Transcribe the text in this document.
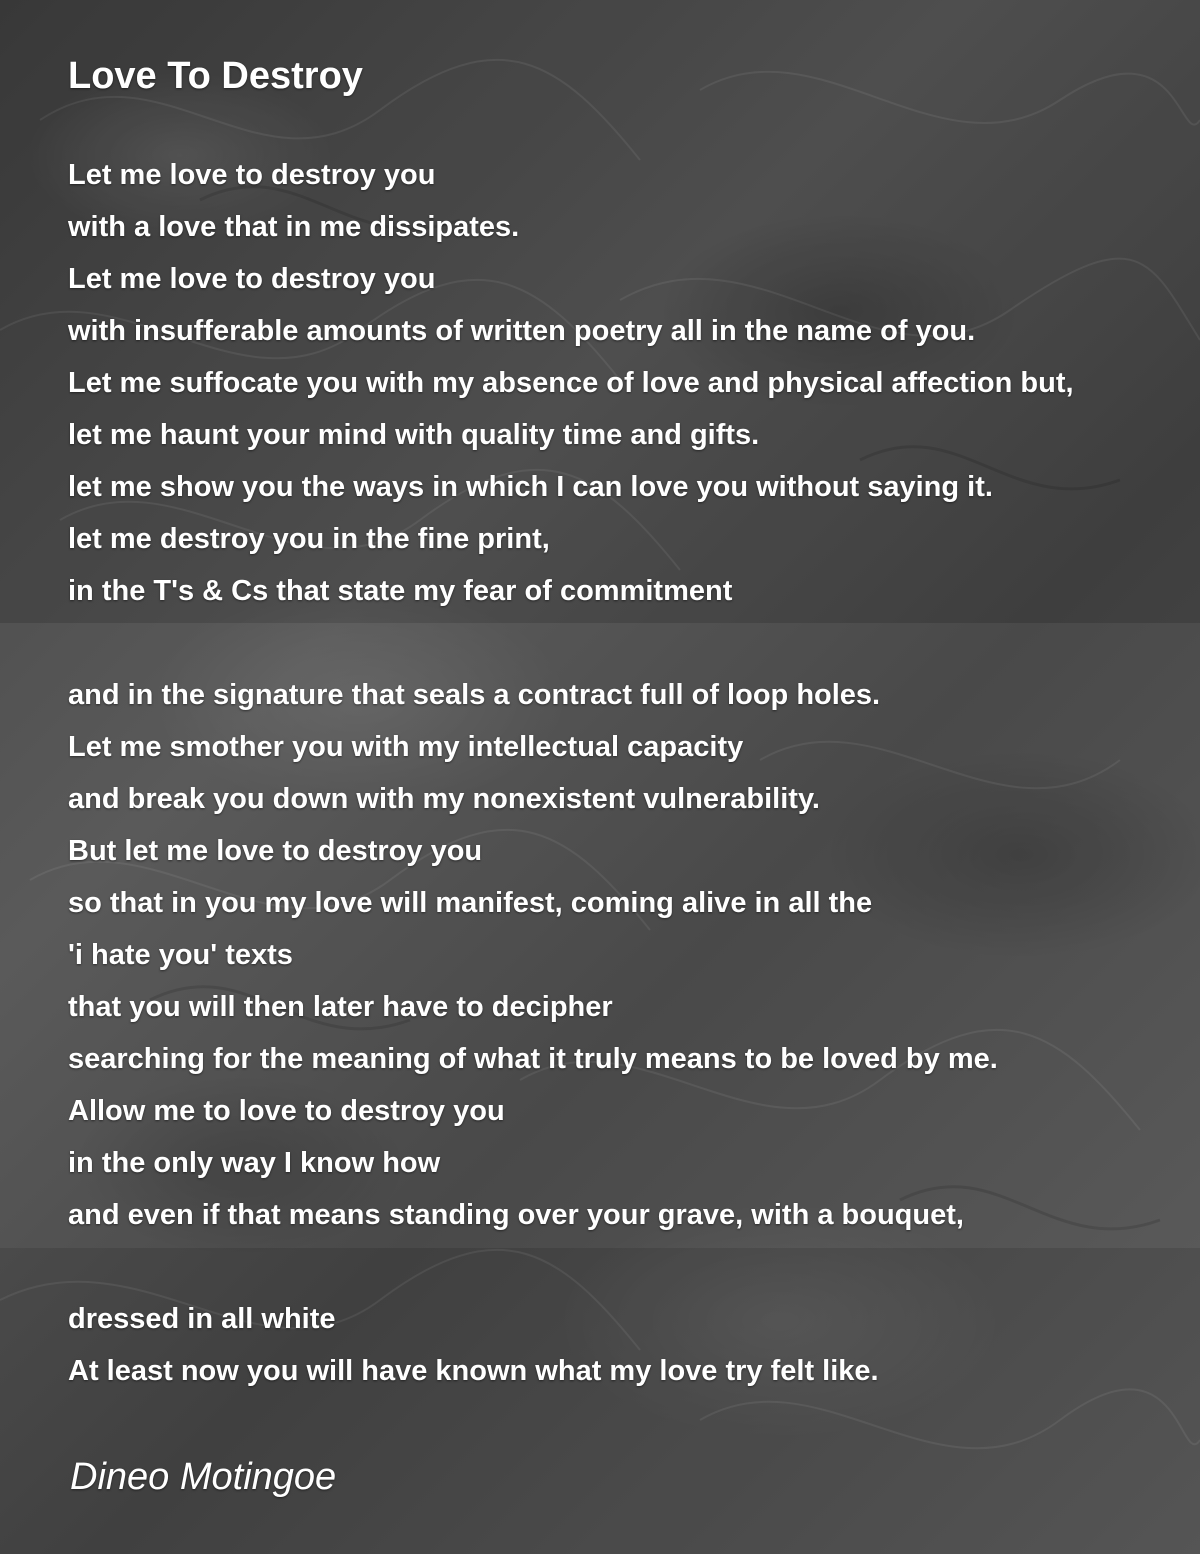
Love To Destroy
Let me love to destroy you
with a love that in me dissipates.
Let me love to destroy you
with insufferable amounts of written poetry all in the name of you.
Let me suffocate you with my absence of love and physical affection but,
let me haunt your mind with quality time and gifts.
let me show you the ways in which I can love you without saying it.
let me destroy you in the fine print,
in the T's & Cs that state my fear of commitment
and in the signature that seals a contract full of loop holes.
Let me smother you with my intellectual capacity
and break you down with my nonexistent vulnerability.
But let me love to destroy you
so that in you my love will manifest, coming alive in all the
'i hate you' texts
that you will then later have to decipher
searching for the meaning of what it truly means to be loved by me.
Allow me to love to destroy you
in the only way I know how
and even if that means standing over your grave, with a bouquet,
dressed in all white
At least now you will have known what my love try felt like.
Dineo Motingoe
